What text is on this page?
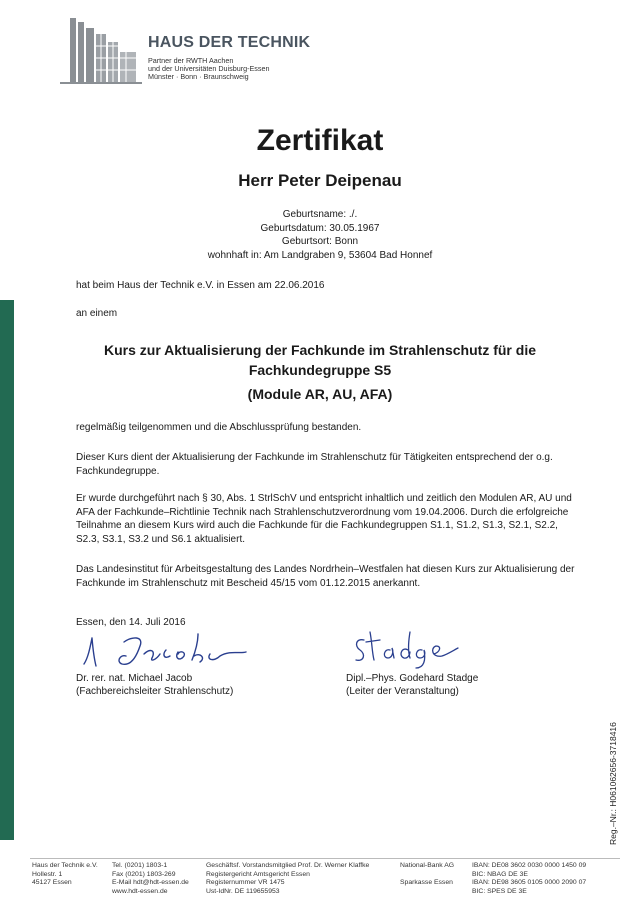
HAUS DER TECHNIK
Partner der RWTH Aachen
und der Universitäten Duisburg-Essen
Münster · Bonn · Braunschweig
Zertifikat
Herr Peter Deipenau
Geburtsname: ./.
Geburtsdatum: 30.05.1967
Geburtsort: Bonn
wohnhaft in: Am Landgraben 9, 53604 Bad Honnef
hat beim Haus der Technik e.V. in Essen am 22.06.2016
an einem
Kurs zur Aktualisierung der Fachkunde im Strahlenschutz für die
Fachkundegruppe S5
(Module AR, AU, AFA)
regelmäßig teilgenommen und die Abschlussprüfung bestanden.
Dieser Kurs dient der Aktualisierung der Fachkunde im Strahlenschutz für Tätigkeiten entsprechend der o.g. Fachkundegruppe.
Er wurde durchgeführt nach § 30, Abs. 1 StrlSchV und entspricht inhaltlich und zeitlich den Modulen AR, AU und AFA der Fachkunde–Richtlinie Technik nach Strahlenschutzverordnung vom 19.04.2006. Durch die erfolgreiche Teilnahme an diesem Kurs wird auch die Fachkunde für die Fachkundegruppen S1.1, S1.2, S1.3, S2.1, S2.2, S2.3, S3.1, S3.2 und S6.1 aktualisiert.
Das Landesinstitut für Arbeitsgestaltung des Landes Nordrhein–Westfalen hat diesen Kurs zur Aktualisierung der Fachkunde im Strahlenschutz mit Bescheid 45/15 vom 01.12.2015 anerkannt.
Essen, den 14. Juli 2016
Dr. rer. nat. Michael Jacob
(Fachbereichsleiter Strahlenschutz)
Dipl.–Phys. Godehard Stadge
(Leiter der Veranstaltung)
Reg.–Nr.: H061062656-3718416
Haus der Technik e.V.
Hollestr. 1
45127 Essen
Tel. (0201) 1803-1
Fax (0201) 1803-269
E-Mail hdt@hdt-essen.de
www.hdt-essen.de
Geschäftsf. Vorstandsmitglied Prof. Dr. Werner Klaffke
Registergericht Amtsgericht Essen
Registernummer VR 1475
Ust-IdNr. DE 119655953
National-Bank AG

Sparkasse Essen
IBAN: DE08 3602 0030 0000 1450 09
BIC: NBAG DE 3E
IBAN: DE98 3605 0105 0000 2090 07
BIC: SPES DE 3E
